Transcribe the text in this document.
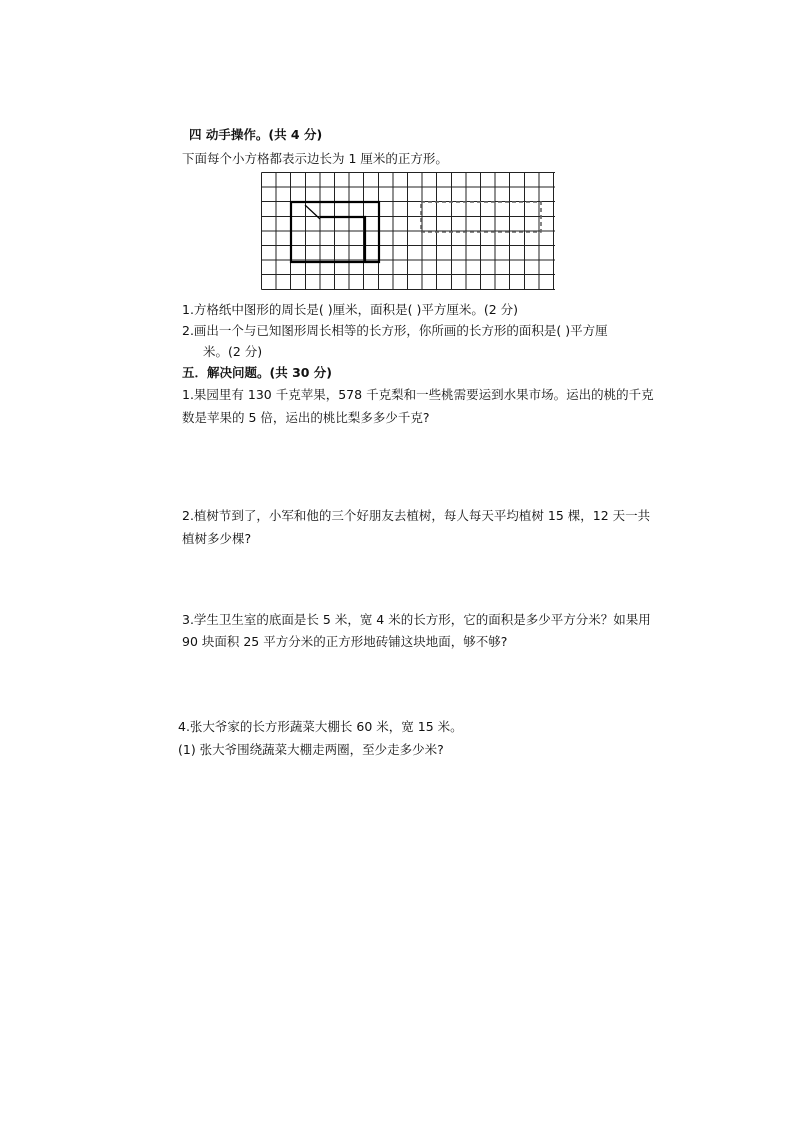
四 动手操作。(共 4 分)
下面每个小方格都表示边长为 1 厘米的正方形。
1.方格纸中图形的周长是( )厘米，面积是( )平方厘米。(2 分)
2.画出一个与已知图形周长相等的长方形，你所画的长方形的面积是( )平方厘
米。(2 分)
五．解决问题。(共 30 分)
1.果园里有 130 千克苹果，578 千克梨和一些桃需要运到水果市场。运出的桃的千克
数是苹果的 5 倍，运出的桃比梨多多少千克?
2.植树节到了，小军和他的三个好朋友去植树，每人每天平均植树 15 棵，12 天一共
植树多少棵?
3.学生卫生室的底面是长 5 米，宽 4 米的长方形，它的面积是多少平方分米？如果用
90 块面积 25 平方分米的正方形地砖铺这块地面，够不够?
4.张大爷家的长方形蔬菜大棚长 60 米，宽 15 米。
(1) 张大爷围绕蔬菜大棚走两圈，至少走多少米?
